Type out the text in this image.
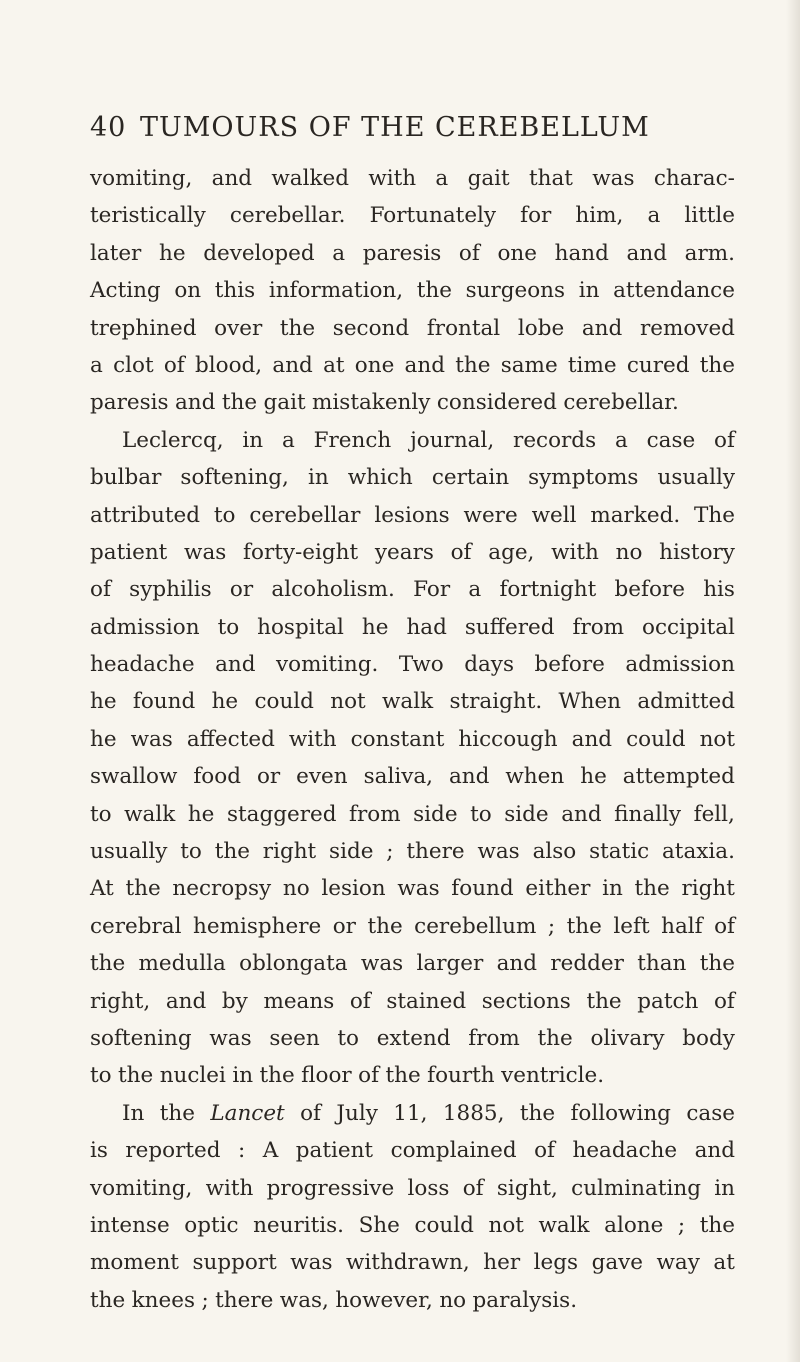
40 TUMOURS OF THE CEREBELLUM
vomiting, and walked with a gait that was charac-
teristically cerebellar. Fortunately for him, a little
later he developed a paresis of one hand and arm.
Acting on this information, the surgeons in attendance
trephined over the second frontal lobe and removed
a clot of blood, and at one and the same time cured the
paresis and the gait mistakenly considered cerebellar.
Leclercq, in a French journal, records a case of
bulbar softening, in which certain symptoms usually
attributed to cerebellar lesions were well marked. The
patient was forty-eight years of age, with no history
of syphilis or alcoholism. For a fortnight before his
admission to hospital he had suffered from occipital
headache and vomiting. Two days before admission
he found he could not walk straight. When admitted
he was affected with constant hiccough and could not
swallow food or even saliva, and when he attempted
to walk he staggered from side to side and finally fell,
usually to the right side ; there was also static ataxia.
At the necropsy no lesion was found either in the right
cerebral hemisphere or the cerebellum ; the left half of
the medulla oblongata was larger and redder than the
right, and by means of stained sections the patch of
softening was seen to extend from the olivary body
to the nuclei in the floor of the fourth ventricle.
In the Lancet of July 11, 1885, the following case
is reported : A patient complained of headache and
vomiting, with progressive loss of sight, culminating in
intense optic neuritis. She could not walk alone ; the
moment support was withdrawn, her legs gave way at
the knees ; there was, however, no paralysis.
